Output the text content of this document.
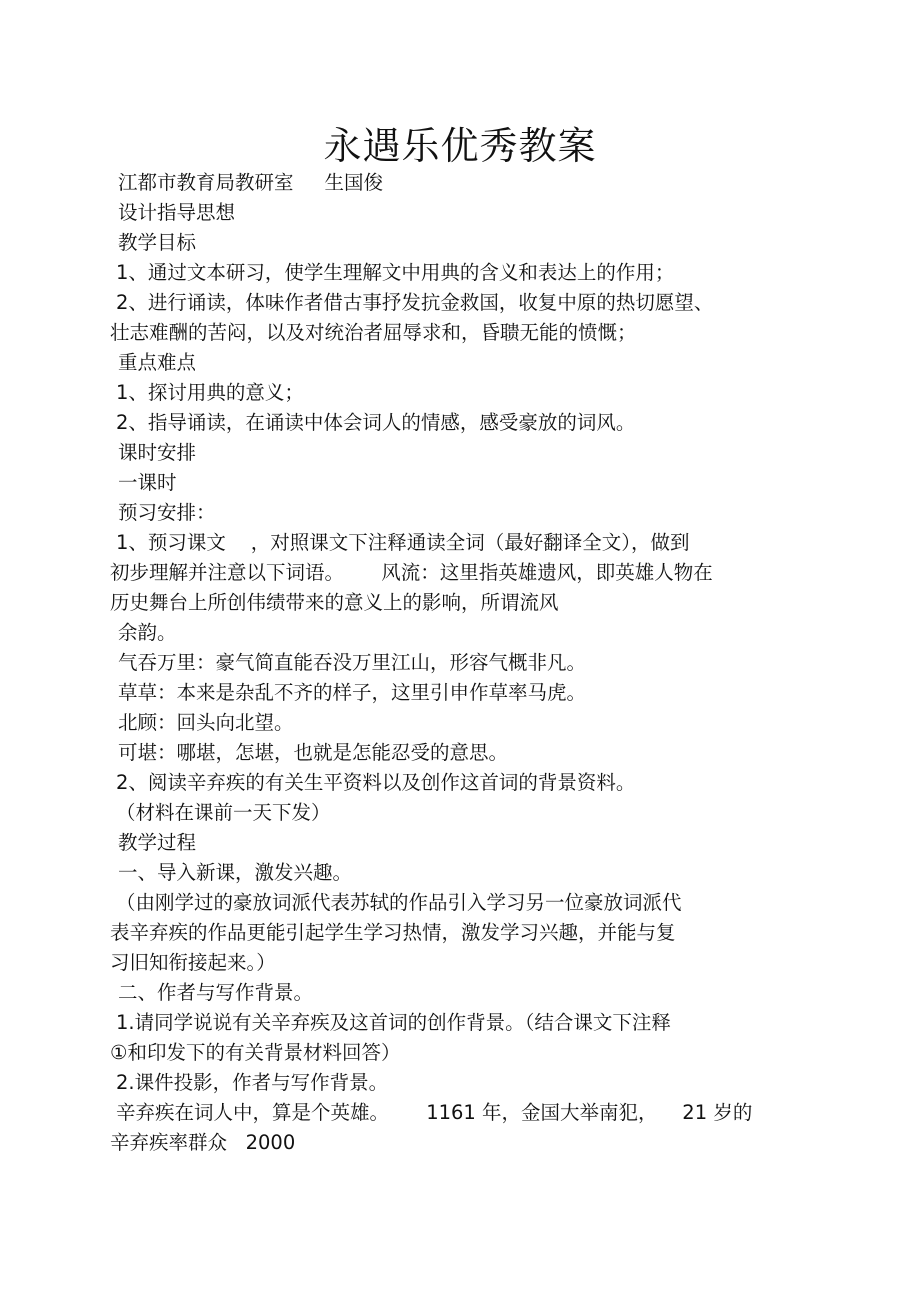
永遇乐优秀教案

江都市教育局教研室     生国俊

设计指导思想

教学目标

1、通过文本研习，使学生理解文中用典的含义和表达上的作用；

2、进行诵读，体味作者借古事抒发抗金救国，收复中原的热切愿望、

壮志难酬的苦闷，以及对统治者屈辱求和，昏聩无能的愤慨；

重点难点

1、探讨用典的意义；

2、指导诵读，在诵读中体会词人的情感，感受豪放的词风。

课时安排

一课时

预习安排：

1、预习课文    ，对照课文下注释通读全词（最好翻译全文），做到

初步理解并注意以下词语。      风流：这里指英雄遗风，即英雄人物在

历史舞台上所创伟绩带来的意义上的影响，所谓流风

余韵。

气吞万里：豪气简直能吞没万里江山，形容气概非凡。

草草：本来是杂乱不齐的样子，这里引申作草率马虎。

北顾：回头向北望。

可堪：哪堪，怎堪，也就是怎能忍受的意思。

2、阅读辛弃疾的有关生平资料以及创作这首词的背景资料。

（材料在课前一天下发）

教学过程

一、导入新课，激发兴趣。

（由刚学过的豪放词派代表苏轼的作品引入学习另一位豪放词派代

表辛弃疾的作品更能引起学生学习热情，激发学习兴趣，并能与复

习旧知衔接起来。）

二、作者与写作背景。

1.请同学说说有关辛弃疾及这首词的创作背景。（结合课文下注释

①和印发下的有关背景材料回答）

2.课件投影，作者与写作背景。

辛弃疾在词人中，算是个英雄。      1161 年，金国大举南犯，    21 岁的

辛弃疾率群众   2000
